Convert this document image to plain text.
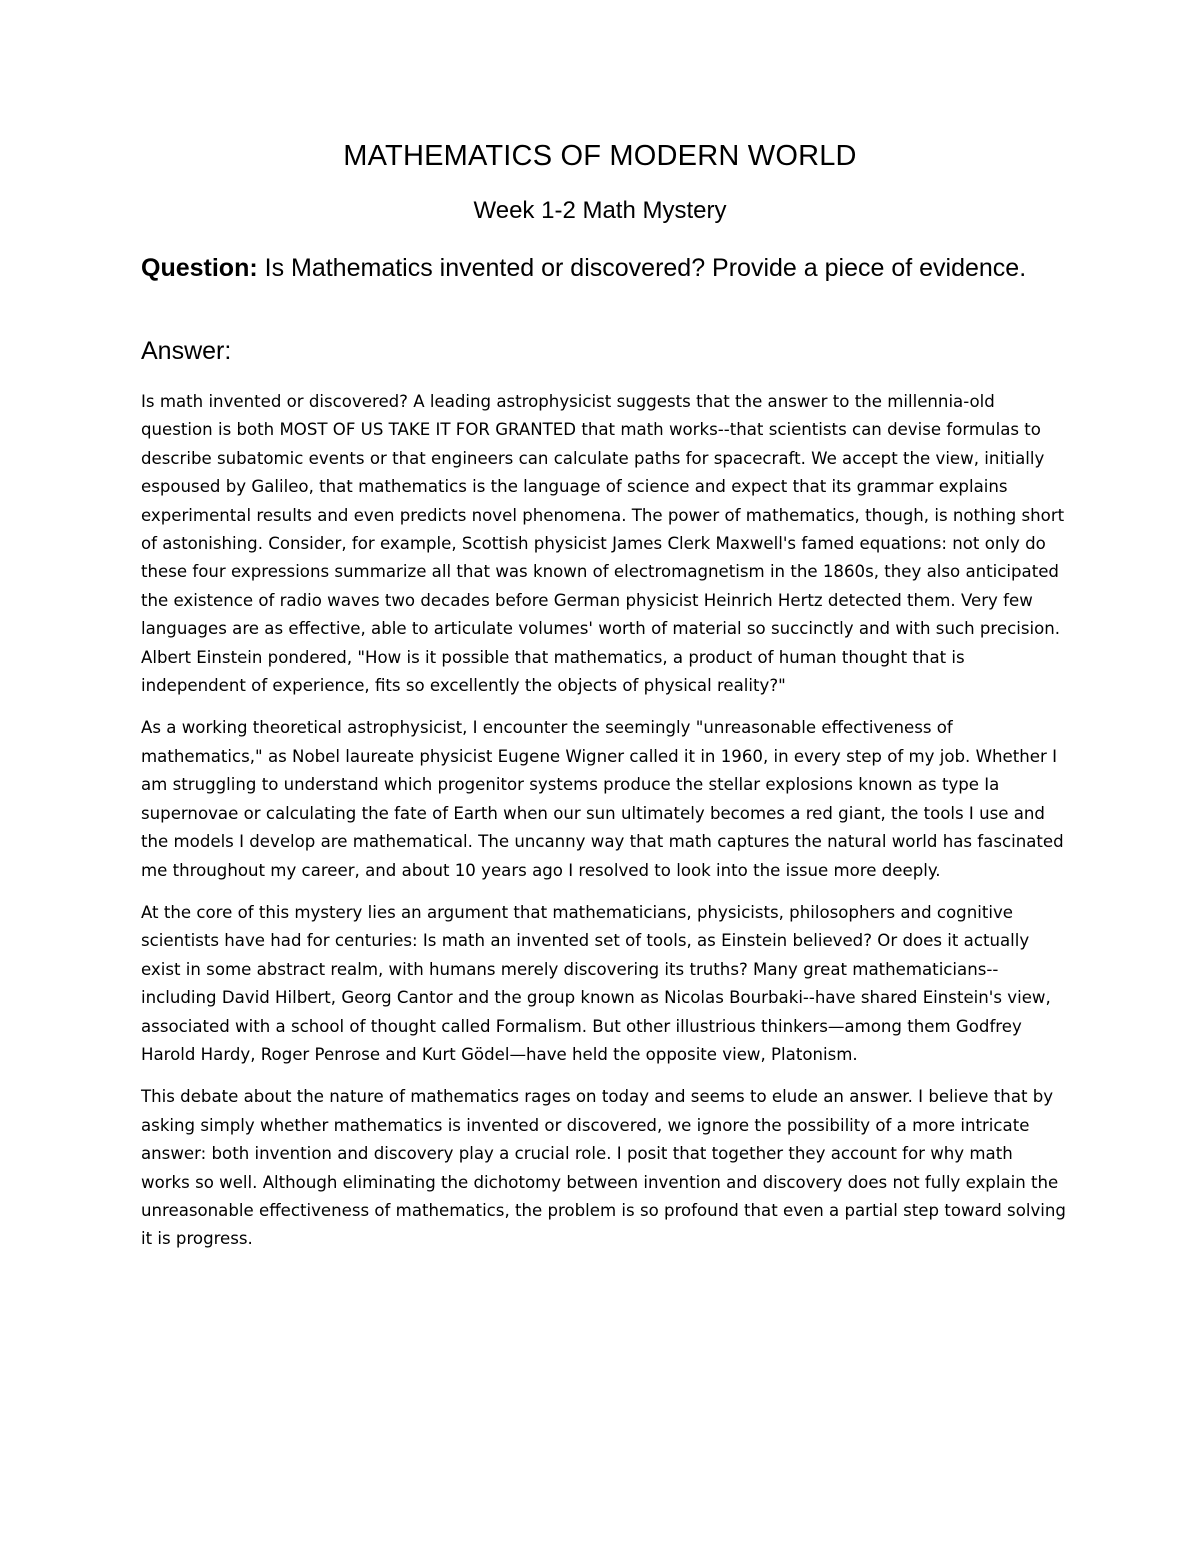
MATHEMATICS OF MODERN WORLD
Week 1-2 Math Mystery
Question: Is Mathematics invented or discovered? Provide a piece of evidence.
Answer:

Is math invented or discovered? A leading astrophysicist suggests that the answer to the millennia-old question is both MOST OF US TAKE IT FOR GRANTED that math works--that scientists can devise formulas to describe subatomic events or that engineers can calculate paths for spacecraft. We accept the view, initially espoused by Galileo, that mathematics is the language of science and expect that its grammar explains experimental results and even predicts novel phenomena. The power of mathematics, though, is nothing short of astonishing. Consider, for example, Scottish physicist James Clerk Maxwell's famed equations: not only do these four expressions summarize all that was known of electromagnetism in the 1860s, they also anticipated the existence of radio waves two decades before German physicist Heinrich Hertz detected them. Very few languages are as effective, able to articulate volumes' worth of material so succinctly and with such precision. Albert Einstein pondered, "How is it possible that mathematics, a product of human thought that is independent of experience, fits so excellently the objects of physical reality?"

As a working theoretical astrophysicist, I encounter the seemingly "unreasonable effectiveness of mathematics," as Nobel laureate physicist Eugene Wigner called it in 1960, in every step of my job. Whether I am struggling to understand which progenitor systems produce the stellar explosions known as type Ia supernovae or calculating the fate of Earth when our sun ultimately becomes a red giant, the tools I use and the models I develop are mathematical. The uncanny way that math captures the natural world has fascinated me throughout my career, and about 10 years ago I resolved to look into the issue more deeply.

At the core of this mystery lies an argument that mathematicians, physicists, philosophers and cognitive scientists have had for centuries: Is math an invented set of tools, as Einstein believed? Or does it actually exist in some abstract realm, with humans merely discovering its truths? Many great mathematicians--including David Hilbert, Georg Cantor and the group known as Nicolas Bourbaki--have shared Einstein's view, associated with a school of thought called Formalism. But other illustrious thinkers—among them Godfrey Harold Hardy, Roger Penrose and Kurt Gödel—have held the opposite view, Platonism.

This debate about the nature of mathematics rages on today and seems to elude an answer. I believe that by asking simply whether mathematics is invented or discovered, we ignore the possibility of a more intricate answer: both invention and discovery play a crucial role. I posit that together they account for why math works so well. Although eliminating the dichotomy between invention and discovery does not fully explain the unreasonable effectiveness of mathematics, the problem is so profound that even a partial step toward solving it is progress.
